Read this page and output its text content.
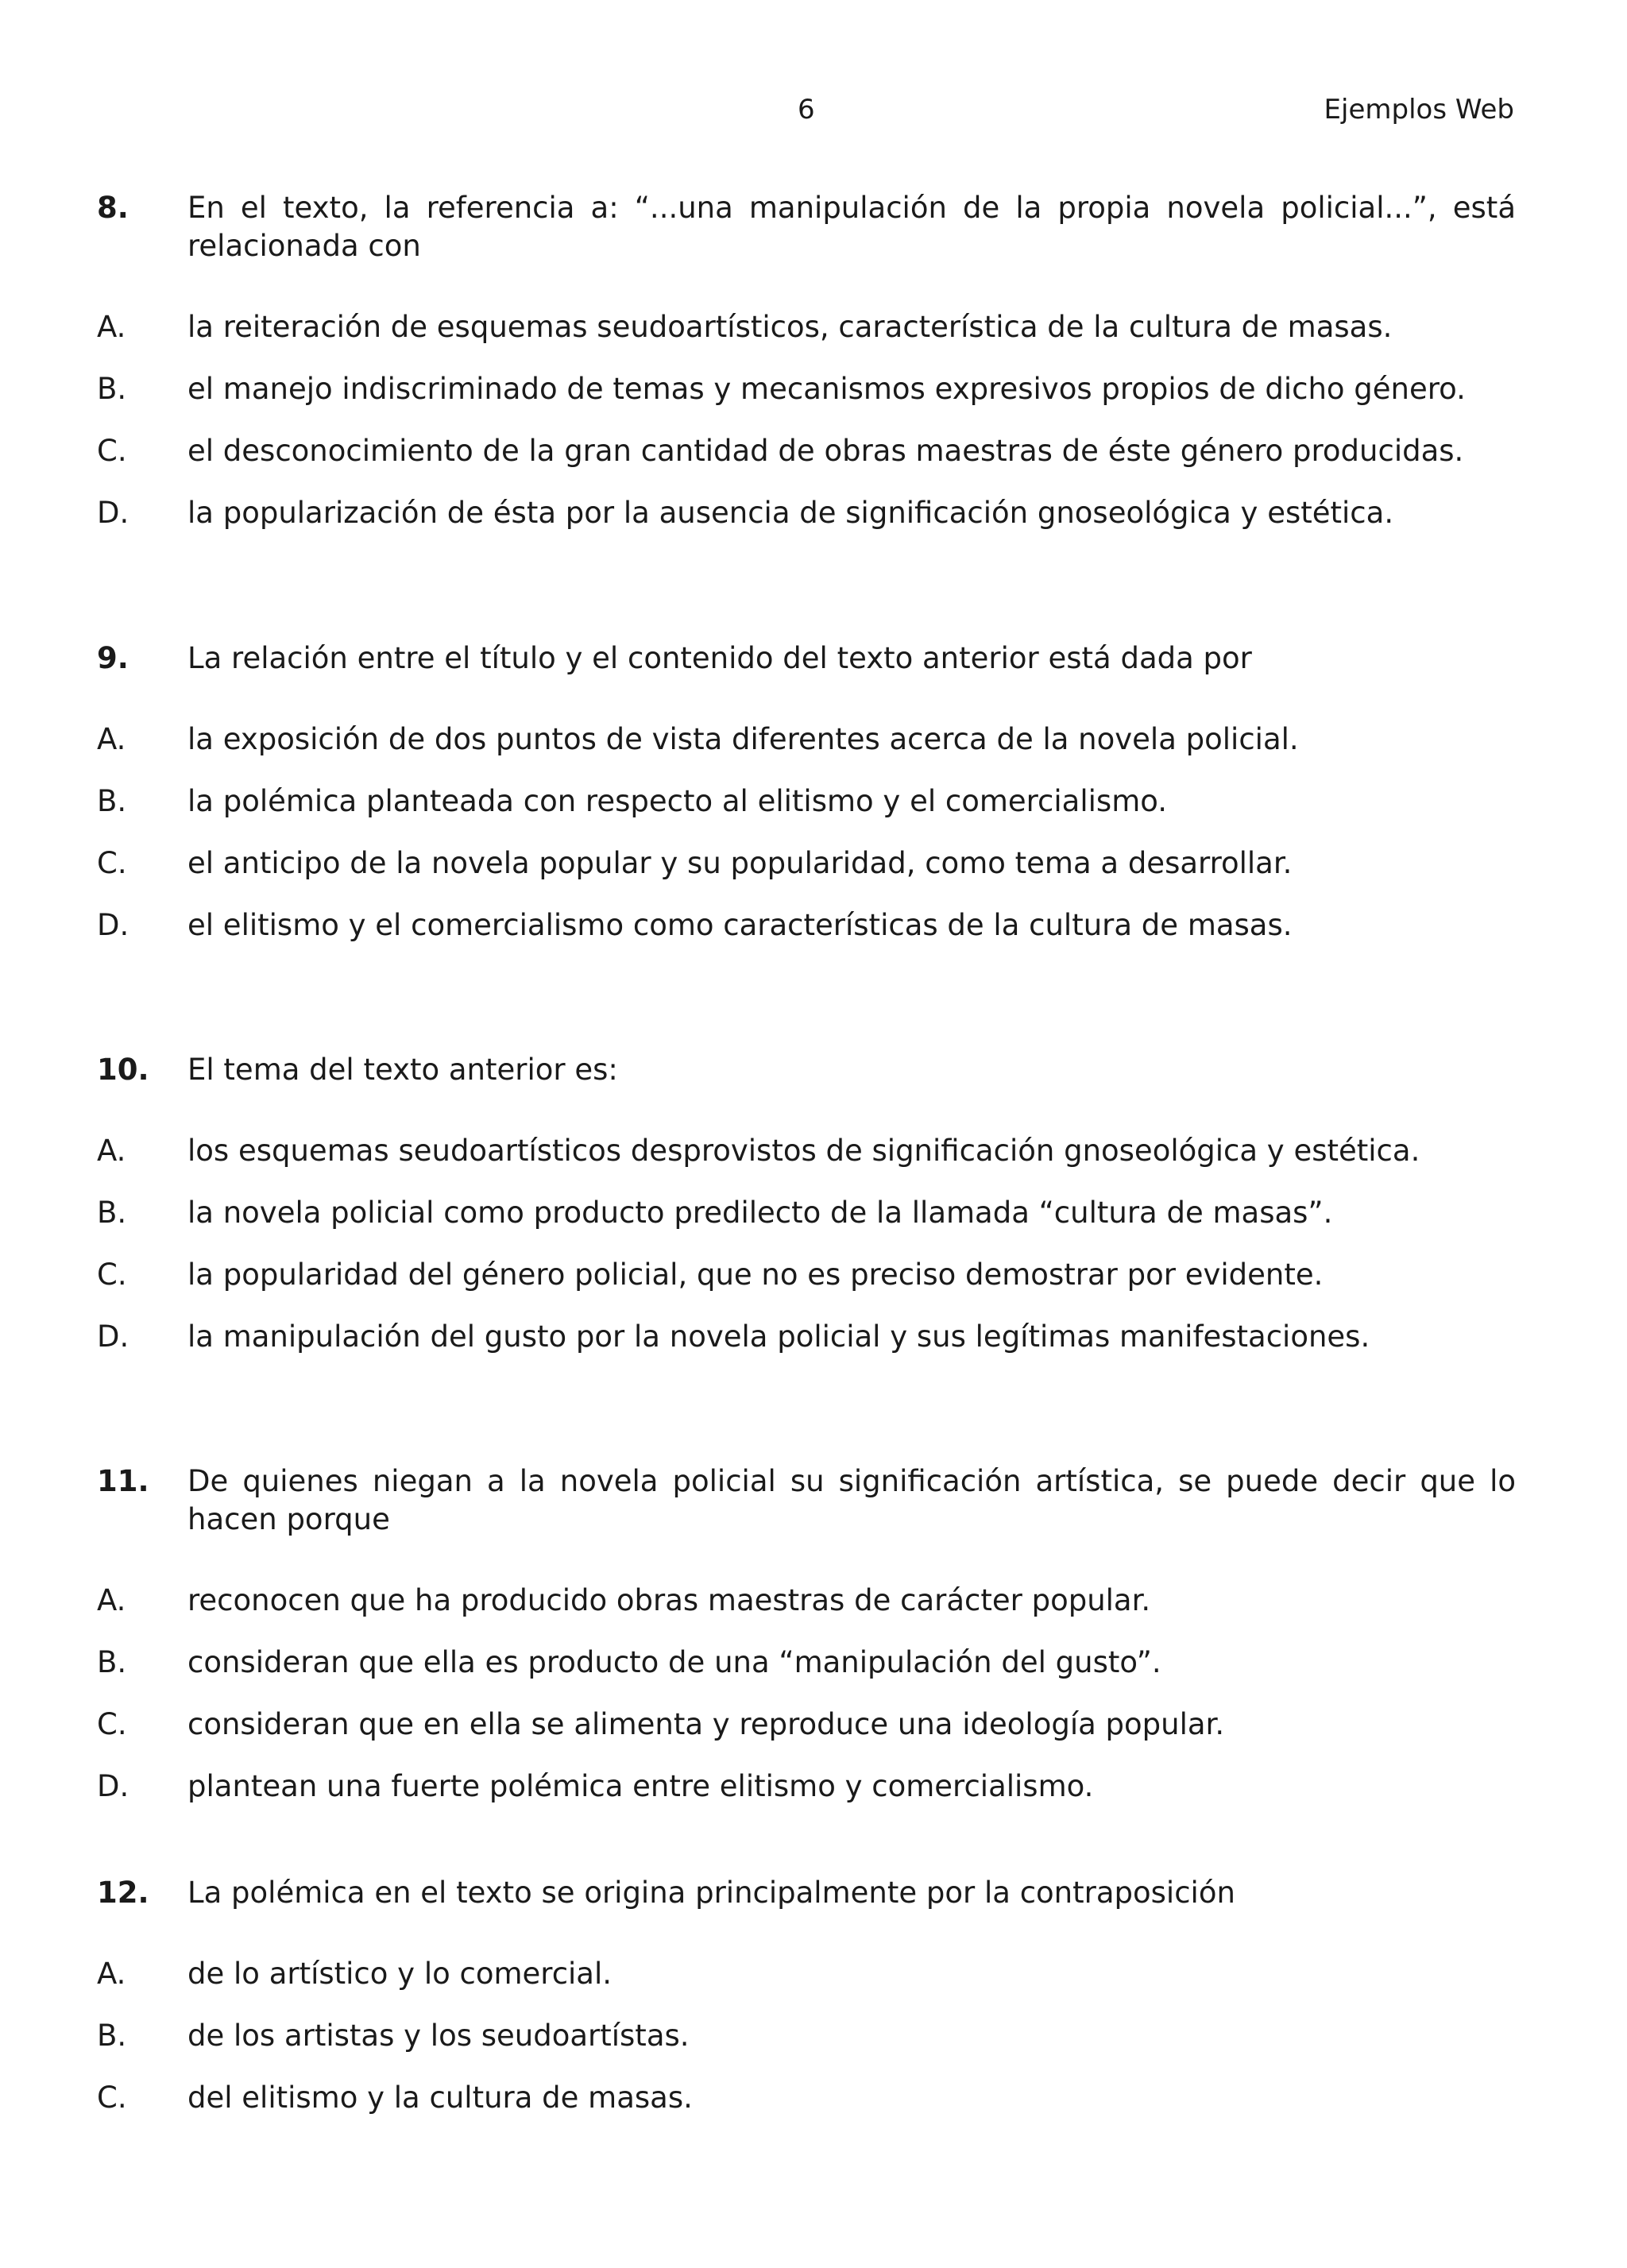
6	Ejemplos Web
8.	En el texto, la referencia a: “...una manipulación de la propia novela policial...”, está relacionada con
A.	la reiteración de esquemas seudoartísticos, característica de la cultura de masas.
B.	el manejo indiscriminado de temas y mecanismos expresivos propios de dicho género.
C.	el desconocimiento de la gran cantidad de obras maestras de éste género producidas.
D.	la popularización de ésta por la ausencia de significación gnoseológica y estética.
9.	La relación entre el título y el contenido del texto anterior está dada por
A.	la exposición de dos puntos de vista diferentes acerca de la novela policial.
B.	la polémica planteada con respecto al elitismo y el comercialismo.
C.	el anticipo de la novela popular y su popularidad, como tema a desarrollar.
D.	el elitismo y el comercialismo como características de la cultura de masas.
10.	El tema del texto anterior es:
A.	los esquemas seudoartísticos desprovistos de significación gnoseológica y estética.
B.	la novela policial como producto predilecto de la llamada “cultura de masas”.
C.	la popularidad del género policial, que no es preciso demostrar por evidente.
D.	la manipulación del gusto por la novela policial y sus legítimas manifestaciones.
11.	De quienes niegan a la novela policial su significación artística, se puede decir que lo hacen porque
A.	reconocen que ha producido obras maestras de carácter popular.
B.	consideran que ella es producto de una “manipulación del gusto”.
C.	consideran que en ella se alimenta y reproduce una ideología popular.
D.	plantean una fuerte polémica entre elitismo y comercialismo.
12.	La polémica en el texto se origina principalmente por la contraposición
A.	de lo artístico y lo comercial.
B.	de los artistas y los seudoartístas.
C.	del elitismo y la cultura de masas.
